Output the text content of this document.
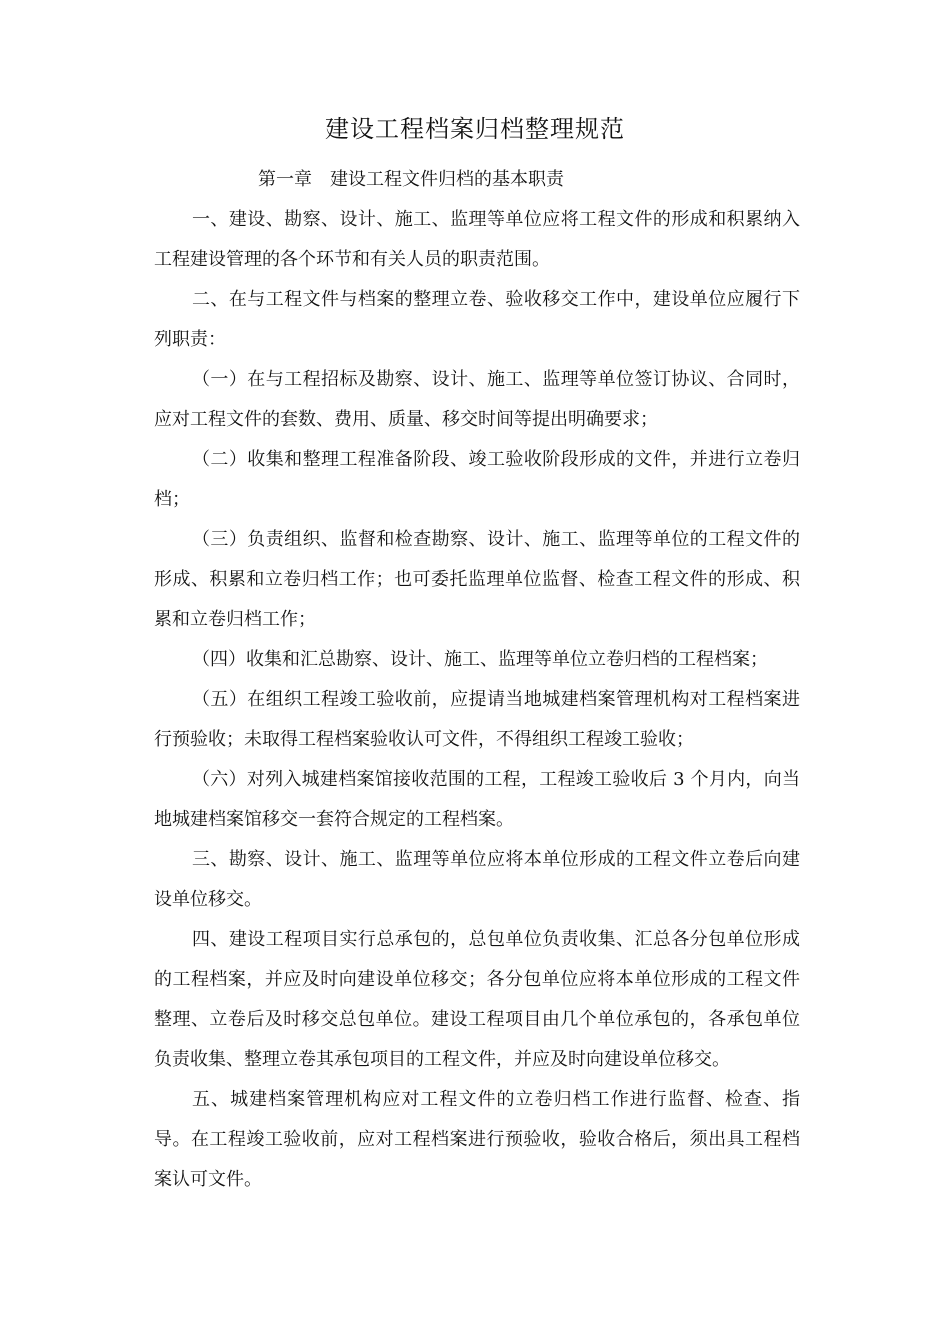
建设工程档案归档整理规范
第一章　建设工程文件归档的基本职责

一、建设、勘察、设计、施工、监理等单位应将工程文件的形成和积累纳入工程建设管理的各个环节和有关人员的职责范围。

二、在与工程文件与档案的整理立卷、验收移交工作中，建设单位应履行下列职责：

（一）在与工程招标及勘察、设计、施工、监理等单位签订协议、合同时，应对工程文件的套数、费用、质量、移交时间等提出明确要求；

（二）收集和整理工程准备阶段、竣工验收阶段形成的文件，并进行立卷归档；

（三）负责组织、监督和检查勘察、设计、施工、监理等单位的工程文件的形成、积累和立卷归档工作；也可委托监理单位监督、检查工程文件的形成、积累和立卷归档工作；

（四）收集和汇总勘察、设计、施工、监理等单位立卷归档的工程档案；

（五）在组织工程竣工验收前，应提请当地城建档案管理机构对工程档案进行预验收；未取得工程档案验收认可文件，不得组织工程竣工验收；

（六）对列入城建档案馆接收范围的工程，工程竣工验收后 3 个月内，向当地城建档案馆移交一套符合规定的工程档案。

三、勘察、设计、施工、监理等单位应将本单位形成的工程文件立卷后向建设单位移交。

四、建设工程项目实行总承包的，总包单位负责收集、汇总各分包单位形成的工程档案，并应及时向建设单位移交；各分包单位应将本单位形成的工程文件整理、立卷后及时移交总包单位。建设工程项目由几个单位承包的，各承包单位负责收集、整理立卷其承包项目的工程文件，并应及时向建设单位移交。

五、城建档案管理机构应对工程文件的立卷归档工作进行监督、检查、指导。在工程竣工验收前，应对工程档案进行预验收，验收合格后，须出具工程档案认可文件。
